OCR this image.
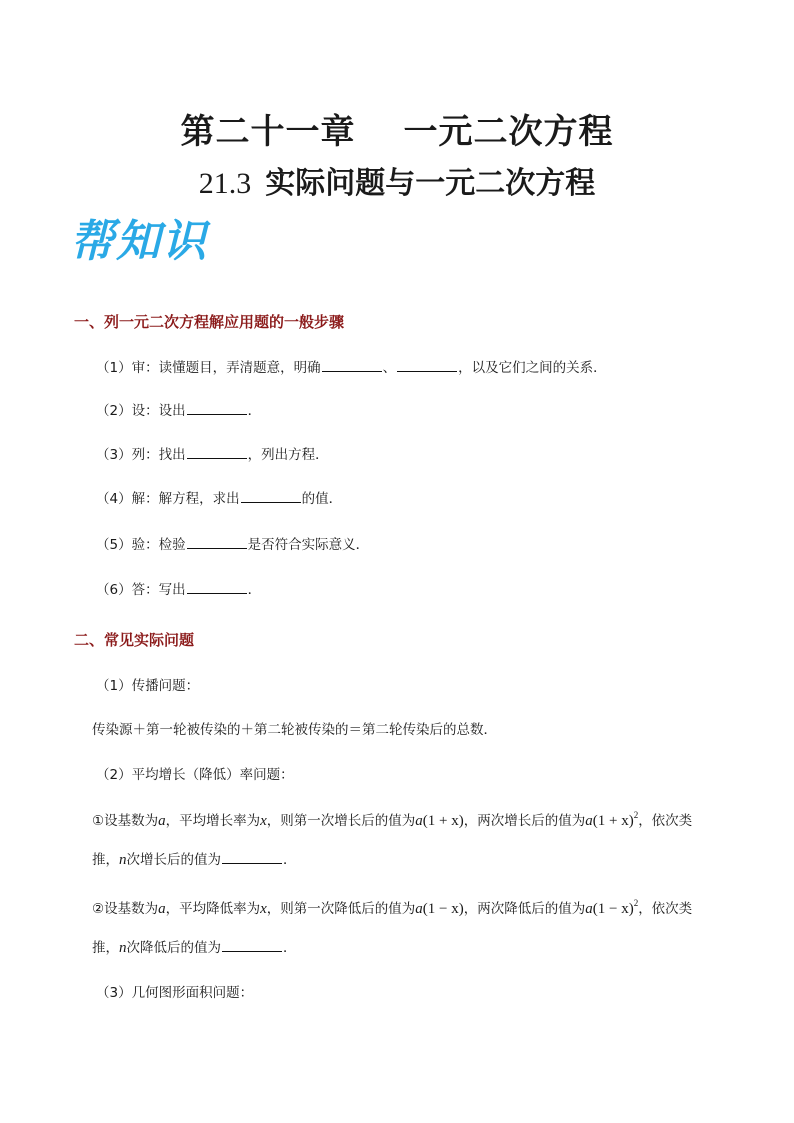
第二十一章 一元二次方程
21.3 实际问题与一元二次方程
帮知识
一、列一元二次方程解应用题的一般步骤
（1）审：读懂题目，弄清题意，明确	、	，以及它们之间的关系．
（2）设：设出	．
（3）列：找出	，列出方程．
（4）解：解方程，求出	的值．
（5）验：检验	是否符合实际意义．
（6）答：写出	．
二、常见实际问题
（1）传播问题：
传染源＋第一轮被传染的＋第二轮被传染的＝第二轮传染后的总数．
（2）平均增长（降低）率问题：
①设基数为a，平均增长率为x，则第一次增长后的值为a(1 + x)，两次增长后的值为$a(1 + x)^2$，依次类
推，n次增长后的值为	．
②设基数为a，平均降低率为x，则第一次降低后的值为a(1 − x)，两次降低后的值为$a(1 - x)^2$，依次类
推，n次降低后的值为	．
（3）几何图形面积问题：
